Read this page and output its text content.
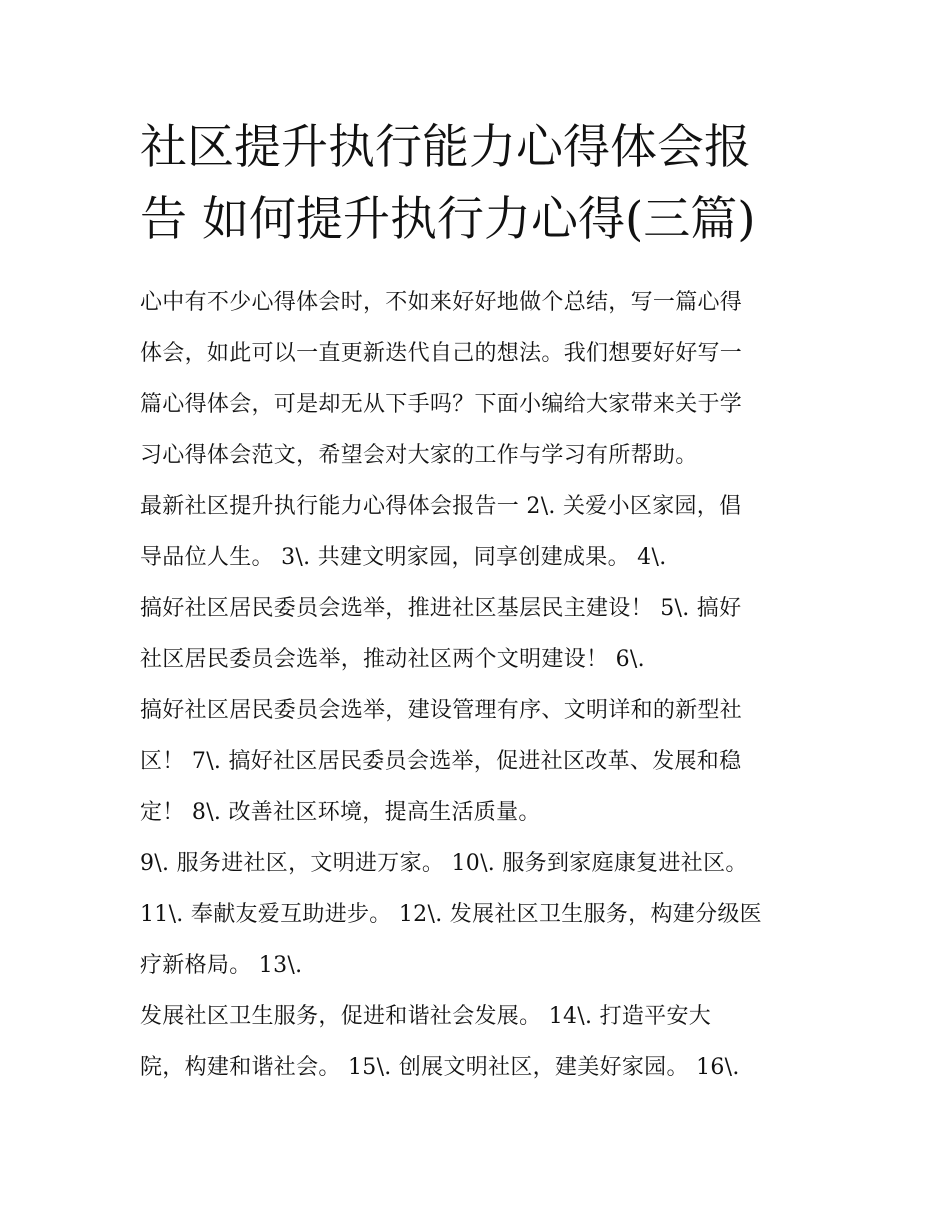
社区提升执行能力心得体会报
告 如何提升执行力心得(三篇)
心中有不少心得体会时，不如来好好地做个总结，写一篇心得
体会，如此可以一直更新迭代自己的想法。我们想要好好写一
篇心得体会，可是却无从下手吗？下面小编给大家带来关于学
习心得体会范文，希望会对大家的工作与学习有所帮助。
最新社区提升执行能力心得体会报告一 2\. 关爱小区家园，倡
导品位人生。 3\. 共建文明家园，同享创建成果。 4\.
搞好社区居民委员会选举，推进社区基层民主建设！ 5\. 搞好
社区居民委员会选举，推动社区两个文明建设！ 6\.
搞好社区居民委员会选举，建设管理有序、文明详和的新型社
区！ 7\. 搞好社区居民委员会选举，促进社区改革、发展和稳
定！ 8\. 改善社区环境，提高生活质量。
9\. 服务进社区，文明进万家。 10\. 服务到家庭康复进社区。
11\. 奉献友爱互助进步。 12\. 发展社区卫生服务，构建分级医
疗新格局。 13\.
发展社区卫生服务，促进和谐社会发展。 14\. 打造平安大
院，构建和谐社会。 15\. 创展文明社区，建美好家园。 16\.
